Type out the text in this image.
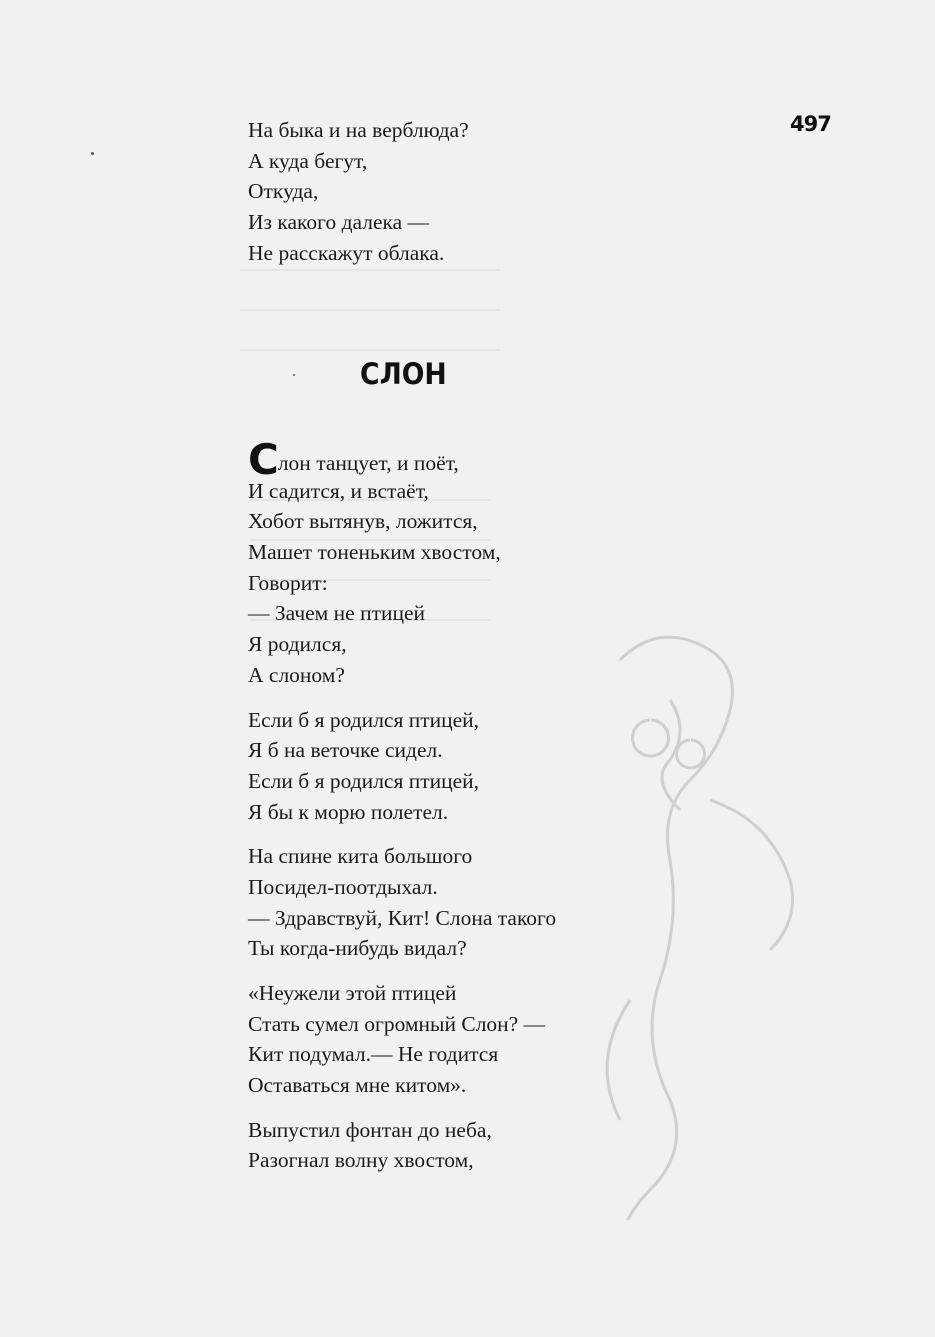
497
На быка и на верблюда?
А куда бегут,
Откуда,
Из какого далека —
Не расскажут облака.
СЛОН
Слон танцует, и поёт,
И садится, и встаёт,
Хобот вытянув, ложится,
Машет тоненьким хвостом,
Говорит:
— Зачем не птицей
Я родился,
А слоном?
Если б я родился птицей,
Я б на веточке сидел.
Если б я родился птицей,
Я бы к морю полетел.
На спине кита большого
Посидел-поотдыхал.
— Здравствуй, Кит! Слона такого
Ты когда-нибудь видал?
«Неужели этой птицей
Стать сумел огромный Слон? —
Кит подумал.— Не годится
Оставаться мне китом».
Выпустил фонтан до неба,
Разогнал волну хвостом,
